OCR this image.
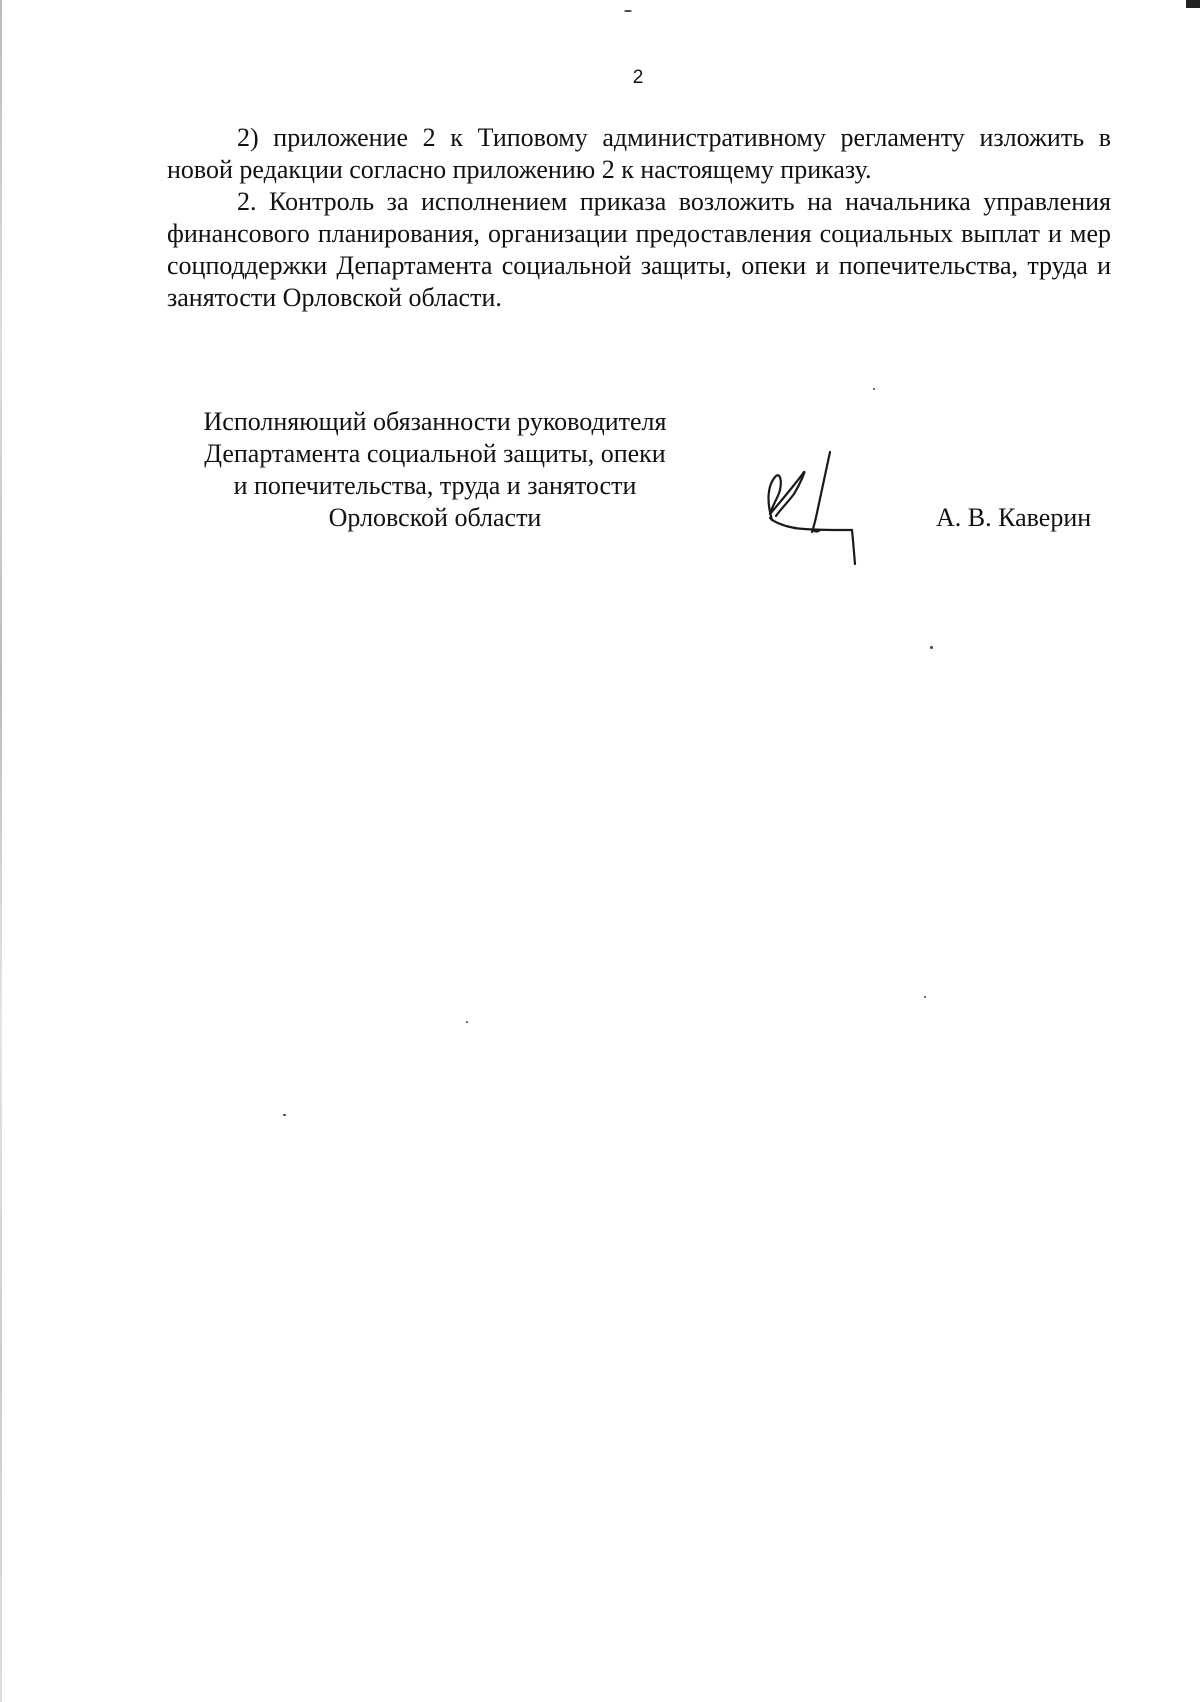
2

2) приложение 2 к Типовому административному регламенту изложить в новой редакции согласно приложению 2 к настоящему приказу.

2. Контроль за исполнением приказа возложить на начальника управления финансового планирования, организации предоставления социальных выплат и мер соцподдержки Департамента социальной защиты, опеки и попечительства, труда и занятости Орловской области.

Исполняющий обязанности руководителя
Департамента социальной защиты, опеки
и попечительства, труда и занятости
Орловской области	А. В. Каверин
